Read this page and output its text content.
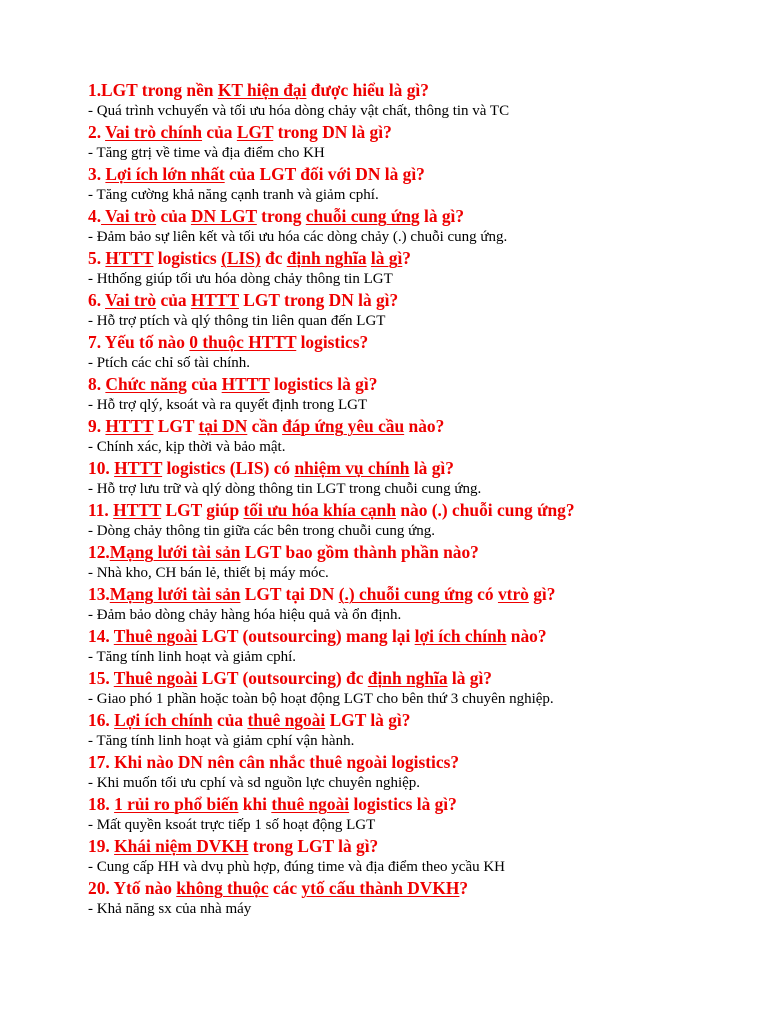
1.LGT trong nền KT hiện đại được hiểu là gì?
- Quá trình vchuyển và tối ưu hóa dòng chảy vật chất, thông tin và TC
2. Vai trò chính của LGT trong DN là gì?
- Tăng gtrị về time và địa điểm cho KH
3. Lợi ích lớn nhất của LGT đối với DN là gì?
- Tăng cường khả năng cạnh tranh và giảm cphí.
4. Vai trò của DN LGT trong chuỗi cung ứng là gì?
- Đảm bảo sự liên kết và tối ưu hóa các dòng chảy (.) chuỗi cung ứng.
5. HTTT logistics (LIS) đc định nghĩa là gì?
- Hthống giúp tối ưu hóa dòng chảy thông tin LGT
6. Vai trò của HTTT LGT trong DN là gì?
- Hỗ trợ ptích và qlý thông tin liên quan đến LGT
7. Yếu tố nào 0 thuộc HTTT logistics?
- Ptích các chỉ số tài chính.
8. Chức năng của HTTT logistics là gì?
- Hỗ trợ qlý, ksoát và ra quyết định trong LGT
9. HTTT LGT tại DN cần đáp ứng yêu cầu nào?
- Chính xác, kịp thời và bảo mật.
10. HTTT logistics (LIS) có nhiệm vụ chính là gì?
- Hỗ trợ lưu trữ và qlý dòng thông tin LGT trong chuỗi cung ứng.
11. HTTT LGT giúp tối ưu hóa khía cạnh nào (.) chuỗi cung ứng?
- Dòng chảy thông tin giữa các bên trong chuỗi cung ứng.
12.Mạng lưới tài sản LGT bao gồm thành phần nào?
- Nhà kho, CH bán lẻ, thiết bị máy móc.
13.Mạng lưới tài sản LGT tại DN (.) chuỗi cung ứng có vtrò gì?
- Đảm bảo dòng chảy hàng hóa hiệu quả và ổn định.
14. Thuê ngoài LGT (outsourcing) mang lại lợi ích chính nào?
- Tăng tính linh hoạt và giảm cphí.
15. Thuê ngoài LGT (outsourcing) đc định nghĩa là gì?
- Giao phó 1 phần hoặc toàn bộ hoạt động LGT cho bên thứ 3 chuyên nghiệp.
16. Lợi ích chính của thuê ngoài LGT là gì?
- Tăng tính linh hoạt và giảm cphí vận hành.
17. Khi nào DN nên cân nhắc thuê ngoài logistics?
- Khi muốn tối ưu cphí và sd nguồn lực chuyên nghiệp.
18. 1 rủi ro phổ biến khi thuê ngoài logistics là gì?
- Mất quyền ksoát trực tiếp 1 số hoạt động LGT
19. Khái niệm DVKH trong LGT là gì?
- Cung cấp HH và dvụ phù hợp, đúng time và địa điểm theo ycầu KH
20. Ytố nào không thuộc các ytố cấu thành DVKH?
- Khả năng sx của nhà máy
